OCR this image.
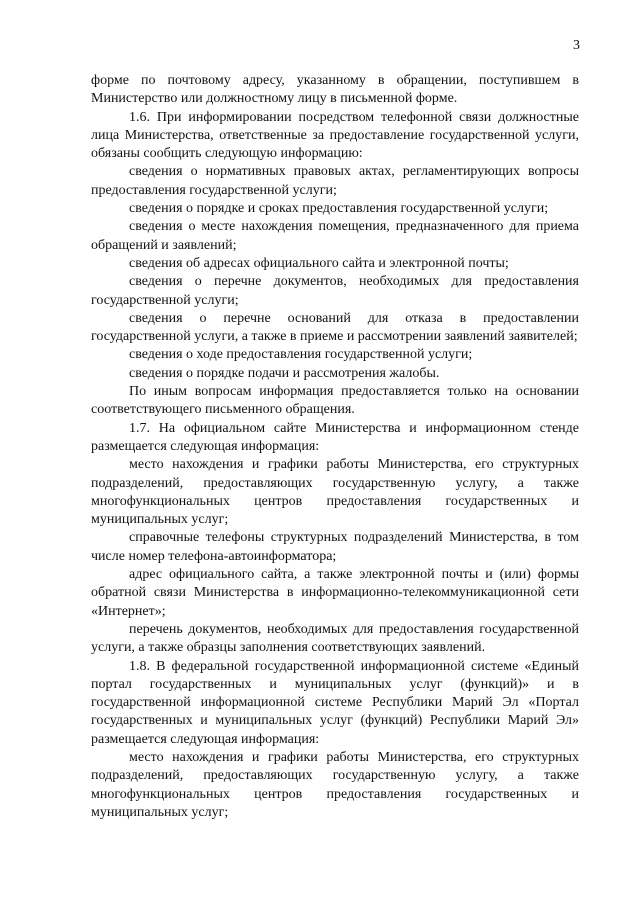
3

форме по почтовому адресу, указанному в обращении, поступившем в Министерство или должностному лицу в письменной форме.

1.6. При информировании посредством телефонной связи должностные лица Министерства, ответственные за предоставление государственной услуги, обязаны сообщить следующую информацию:

сведения о нормативных правовых актах, регламентирующих вопросы предоставления государственной услуги;

сведения о порядке и сроках предоставления государственной услуги;

сведения о месте нахождения помещения, предназначенного для приема обращений и заявлений;

сведения об адресах официального сайта и электронной почты;

сведения о перечне документов, необходимых для предоставления государственной услуги;

сведения о перечне оснований для отказа в предоставлении государственной услуги, а также в приеме и рассмотрении заявлений заявителей;

сведения о ходе предоставления государственной услуги;

сведения о порядке подачи и рассмотрения жалобы.

По иным вопросам информация предоставляется только на основании соответствующего письменного обращения.

1.7. На официальном сайте Министерства и информационном стенде размещается следующая информация:

место нахождения и графики работы Министерства, его структурных подразделений, предоставляющих государственную услугу, а также многофункциональных центров предоставления государственных и муниципальных услуг;

справочные телефоны структурных подразделений Министерства, в том числе номер телефона-автоинформатора;

адрес официального сайта, а также электронной почты и (или) формы обратной связи Министерства в информационно-телекоммуникационной сети «Интернет»;

перечень документов, необходимых для предоставления государственной услуги, а также образцы заполнения соответствующих заявлений.

1.8. В федеральной государственной информационной системе «Единый портал государственных и муниципальных услуг (функций)» и в государственной информационной системе Республики Марий Эл «Портал государственных и муниципальных услуг (функций) Республики Марий Эл» размещается следующая информация:

место нахождения и графики работы Министерства, его структурных подразделений, предоставляющих государственную услугу, а также многофункциональных центров предоставления государственных и муниципальных услуг;
